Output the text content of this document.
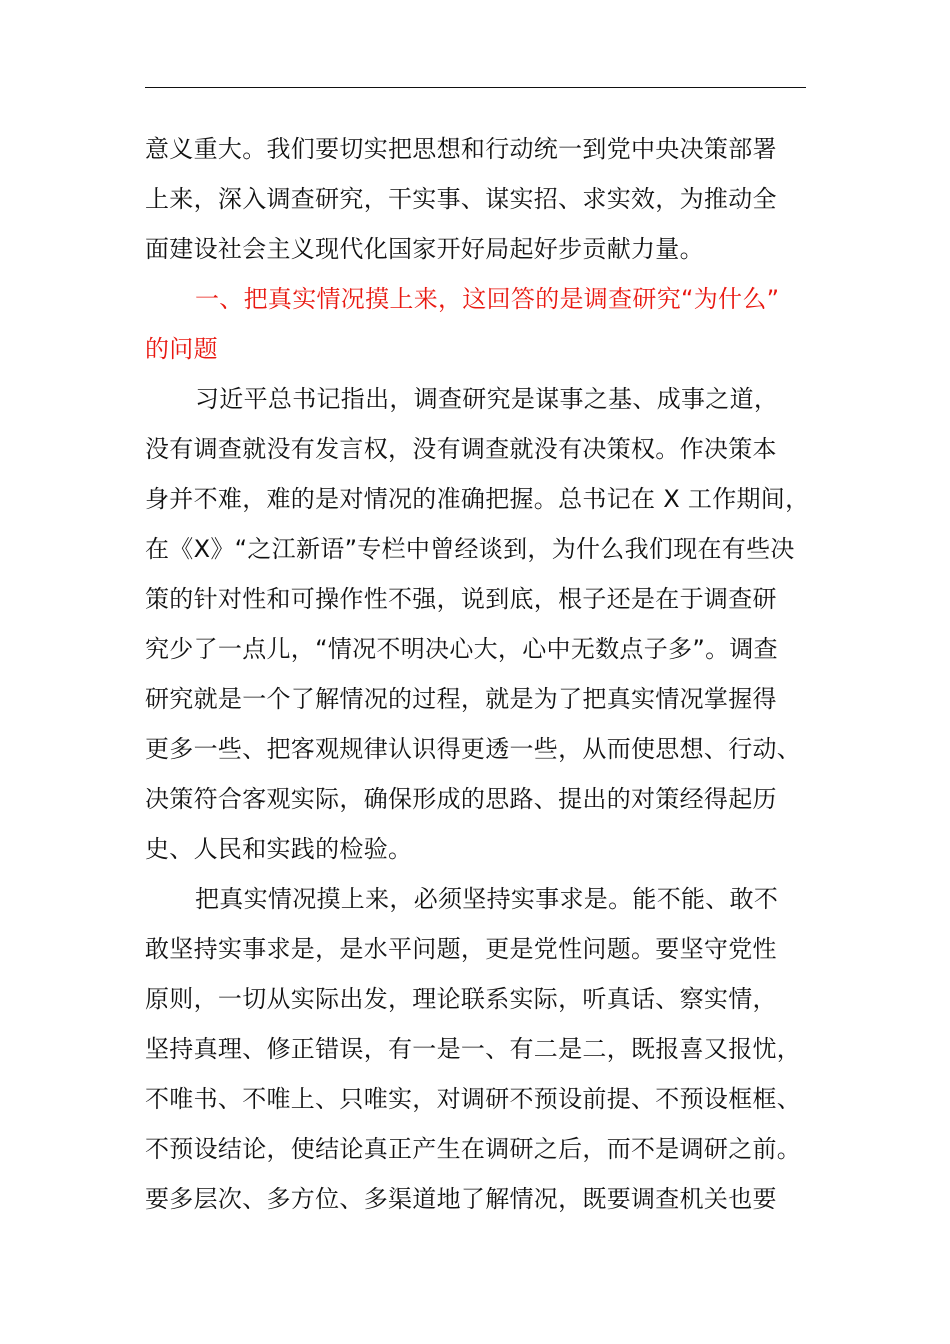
意义重大。我们要切实把思想和行动统一到党中央决策部署
上来，深入调查研究，干实事、谋实招、求实效，为推动全
面建设社会主义现代化国家开好局起好步贡献力量。
一、把真实情况摸上来，这回答的是调查研究“为什么”
的问题
习近平总书记指出，调查研究是谋事之基、成事之道，
没有调查就没有发言权，没有调查就没有决策权。作决策本
身并不难，难的是对情况的准确把握。总书记在 X 工作期间，
在《X》“之江新语”专栏中曾经谈到，为什么我们现在有些决
策的针对性和可操作性不强，说到底，根子还是在于调查研
究少了一点儿，“情况不明决心大，心中无数点子多”。调查
研究就是一个了解情况的过程，就是为了把真实情况掌握得
更多一些、把客观规律认识得更透一些，从而使思想、行动、
决策符合客观实际，确保形成的思路、提出的对策经得起历
史、人民和实践的检验。
把真实情况摸上来，必须坚持实事求是。能不能、敢不
敢坚持实事求是，是水平问题，更是党性问题。要坚守党性
原则，一切从实际出发，理论联系实际，听真话、察实情，
坚持真理、修正错误，有一是一、有二是二，既报喜又报忧，
不唯书、不唯上、只唯实，对调研不预设前提、不预设框框、
不预设结论，使结论真正产生在调研之后，而不是调研之前。
要多层次、多方位、多渠道地了解情况，既要调查机关也要
